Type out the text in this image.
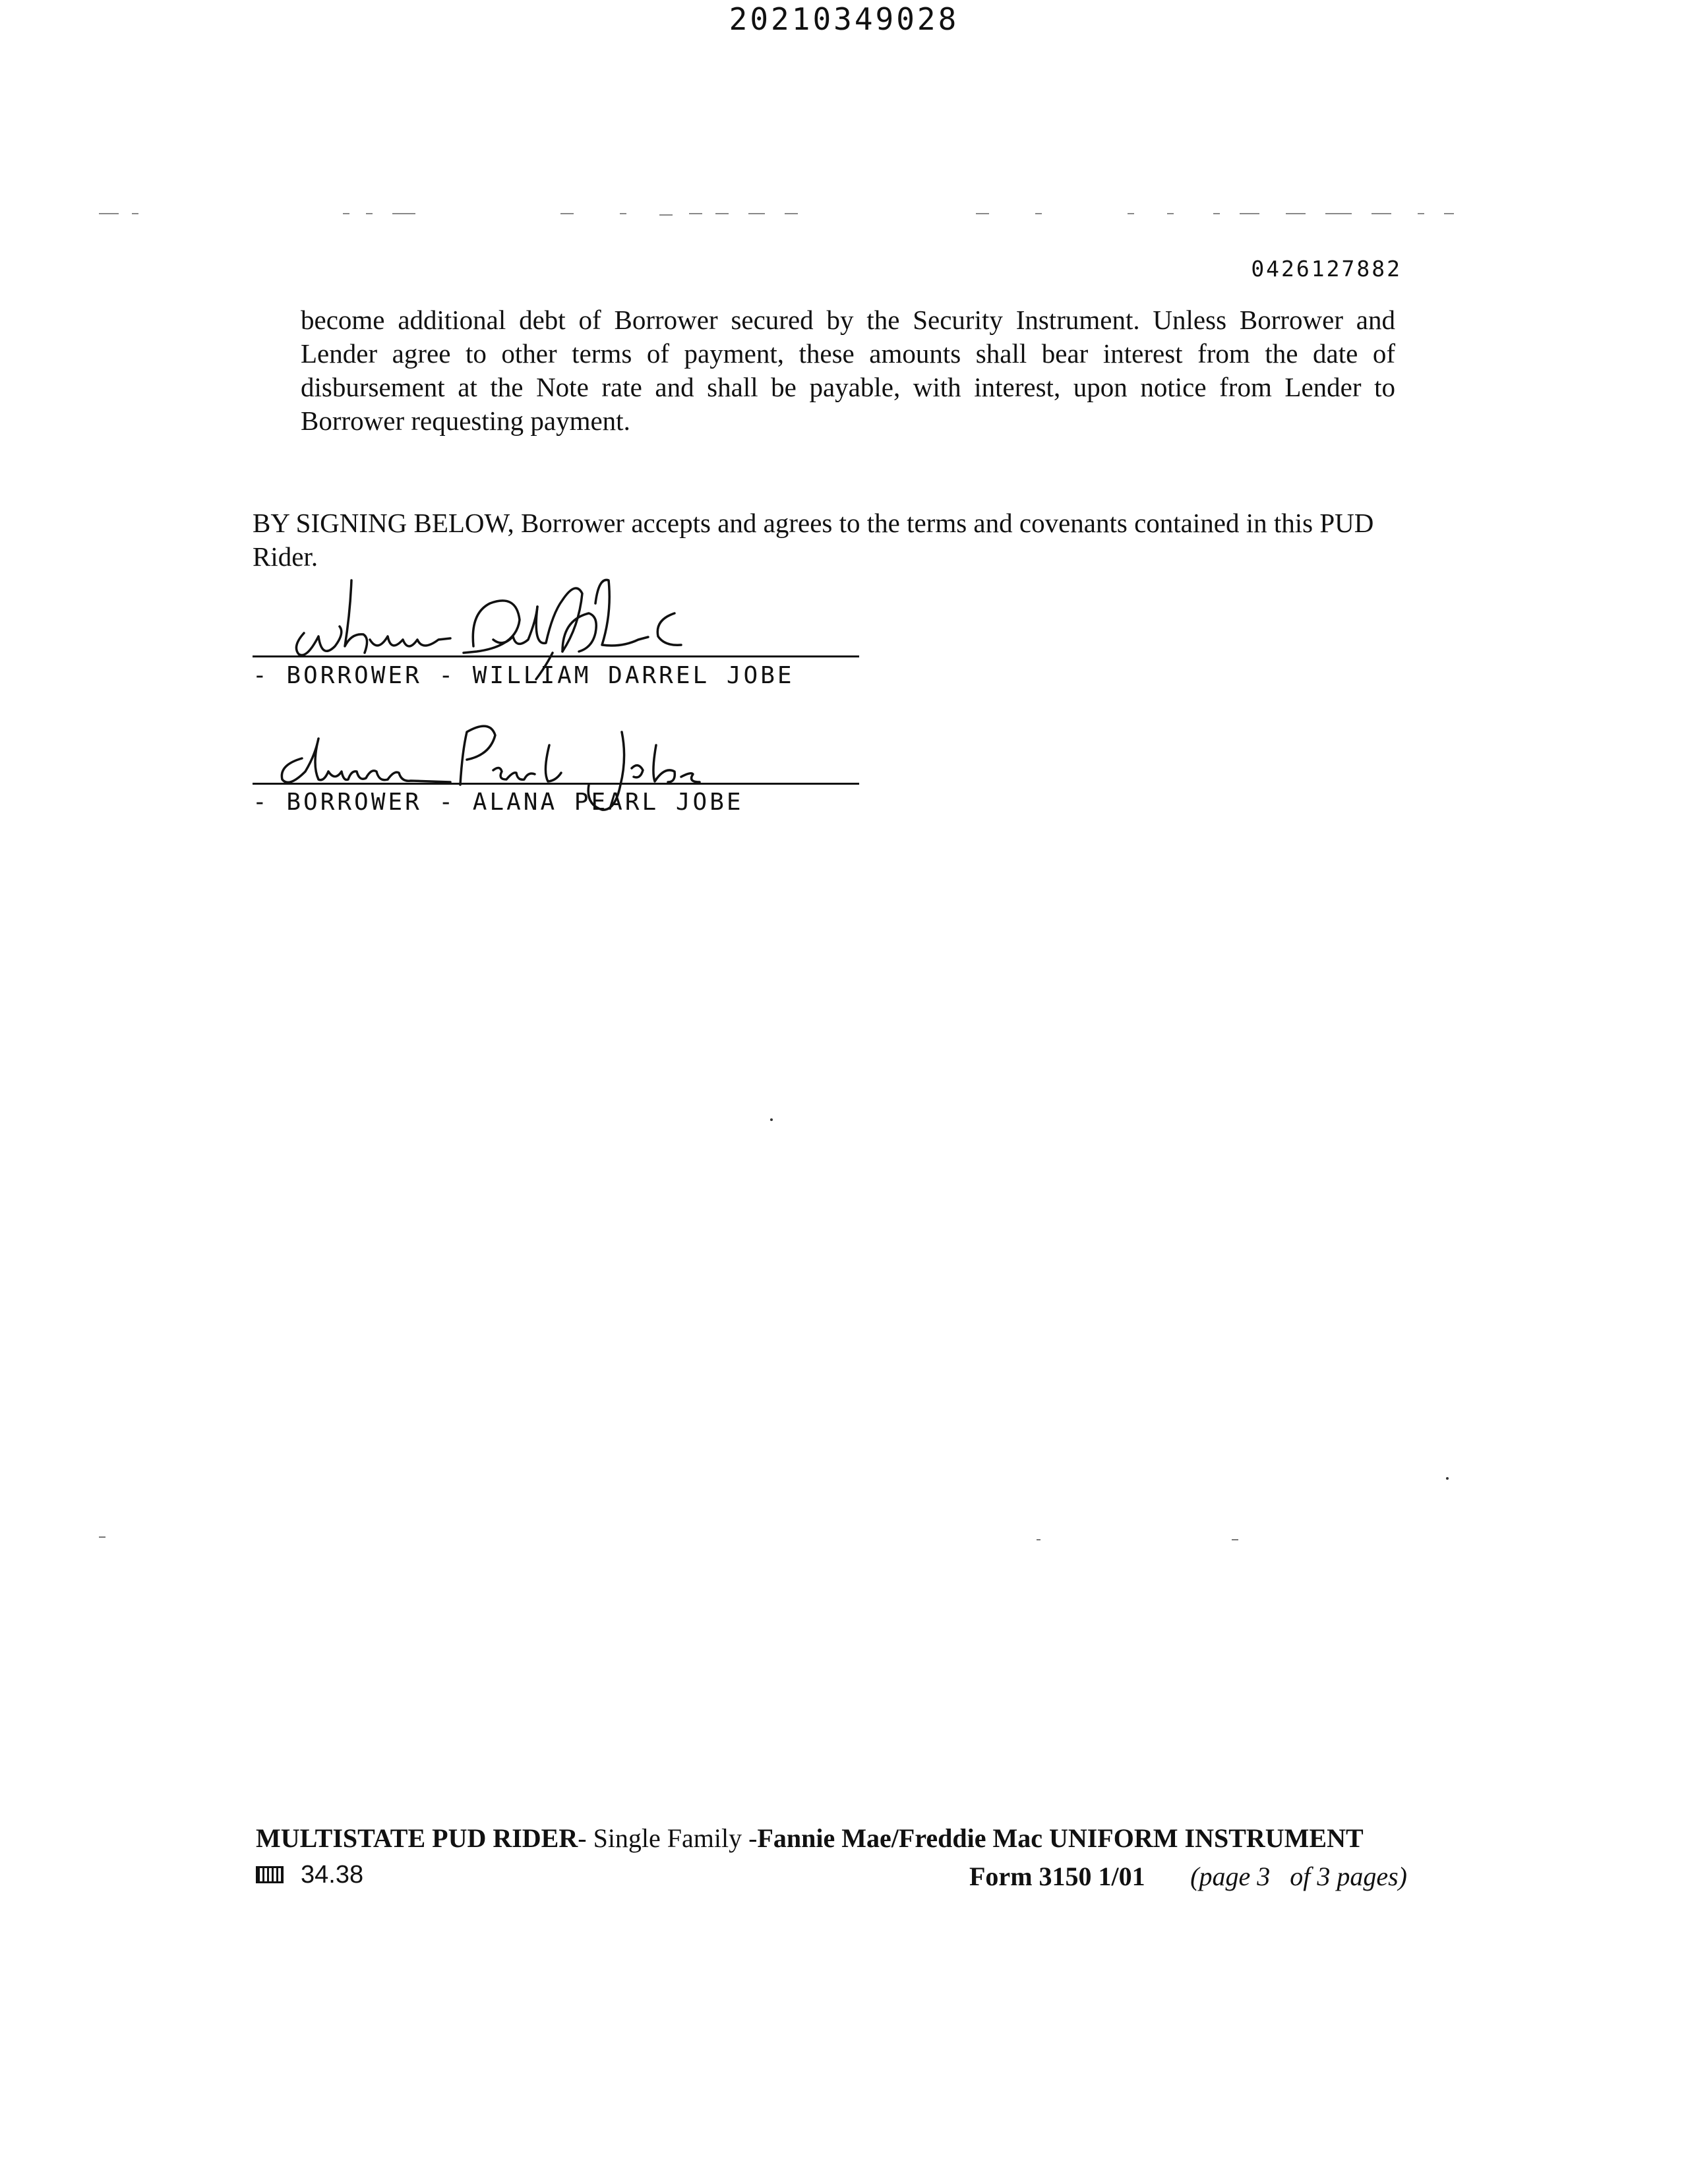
20210349028
0426127882

become additional debt of Borrower secured by the Security Instrument. Unless Borrower and Lender agree to other terms of payment, these amounts shall bear interest from the date of disbursement at the Note rate and shall be payable, with interest, upon notice from Lender to Borrower requesting payment.

BY SIGNING BELOW, Borrower accepts and agrees to the terms and covenants contained in this PUD Rider.

- BORROWER - WILLIAM DARREL JOBE
- BORROWER - ALANA PEARL JOBE
MULTISTATE PUD RIDER- Single Family -Fannie Mae/Freddie Mac UNIFORM INSTRUMENT
34.38	Form 3150 1/01 (page 3   of 3 pages)
